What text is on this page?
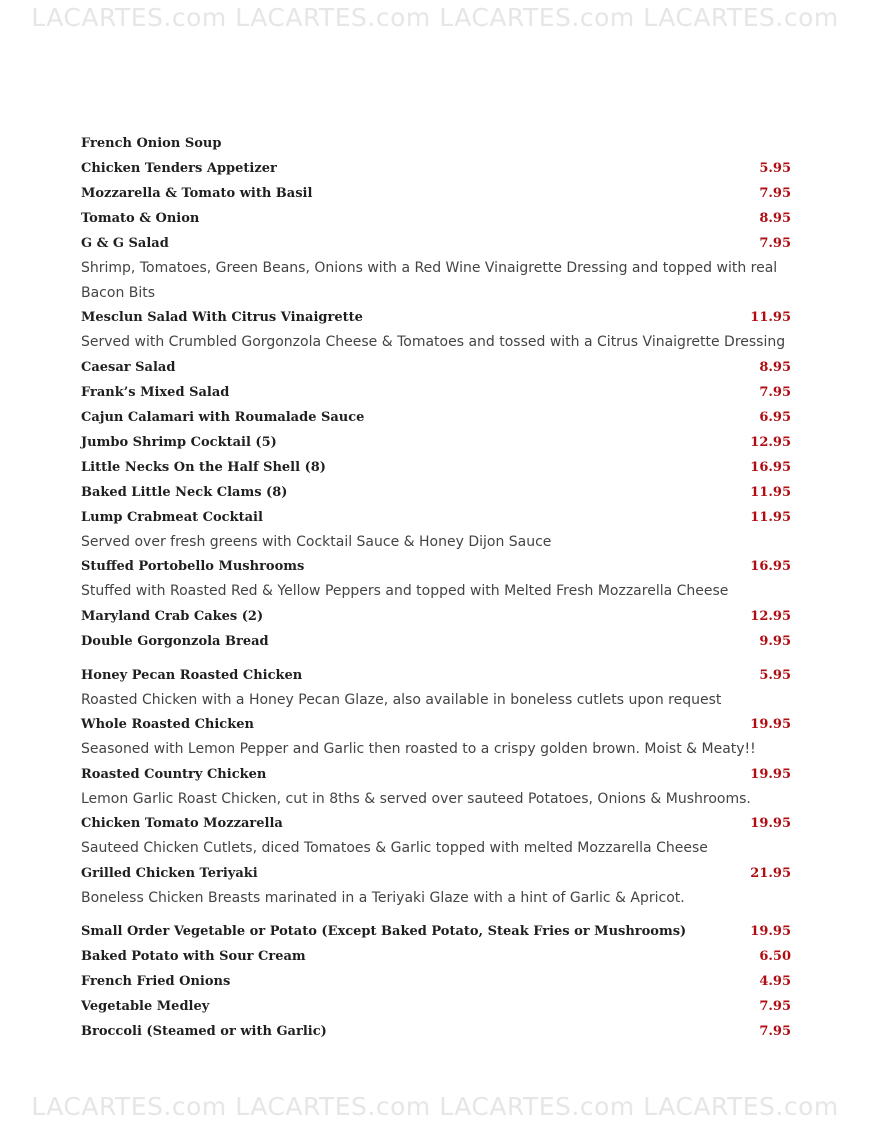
LACARTES.com LACARTES.com LACARTES.com LACARTES.com
French Onion Soup
Chicken Tenders Appetizer	5.95
Mozzarella & Tomato with Basil	7.95
Tomato & Onion	8.95
G & G Salad	7.95

Shrimp, Tomatoes, Green Beans, Onions with a Red Wine Vinaigrette Dressing and topped with real Bacon Bits

Mesclun Salad With Citrus Vinaigrette	11.95

Served with Crumbled Gorgonzola Cheese & Tomatoes and tossed with a Citrus Vinaigrette Dressing

Caesar Salad	8.95
Frank’s Mixed Salad	7.95
Cajun Calamari with Roumalade Sauce	6.95
Jumbo Shrimp Cocktail (5)	12.95
Little Necks On the Half Shell (8)	16.95
Baked Little Neck Clams (8)	11.95
Lump Crabmeat Cocktail	11.95

Served over fresh greens with Cocktail Sauce & Honey Dijon Sauce

Stuffed Portobello Mushrooms	16.95

Stuffed with Roasted Red & Yellow Peppers and topped with Melted Fresh Mozzarella Cheese

Maryland Crab Cakes (2)	12.95
Double Gorgonzola Bread	9.95
Honey Pecan Roasted Chicken	5.95

Roasted Chicken with a Honey Pecan Glaze, also available in boneless cutlets upon request

Whole Roasted Chicken	19.95

Seasoned with Lemon Pepper and Garlic then roasted to a crispy golden brown. Moist & Meaty!!

Roasted Country Chicken	19.95

Lemon Garlic Roast Chicken, cut in 8ths & served over sauteed Potatoes, Onions & Mushrooms.

Chicken Tomato Mozzarella	19.95

Sauteed Chicken Cutlets, diced Tomatoes & Garlic topped with melted Mozzarella Cheese

Grilled Chicken Teriyaki	21.95

Boneless Chicken Breasts marinated in a Teriyaki Glaze with a hint of Garlic & Apricot.

Small Order Vegetable or Potato (Except Baked Potato, Steak Fries or Mushrooms)	19.95
Baked Potato with Sour Cream	6.50
French Fried Onions	4.95
Vegetable Medley	7.95
Broccoli (Steamed or with Garlic)	7.95
LACARTES.com LACARTES.com LACARTES.com LACARTES.com
